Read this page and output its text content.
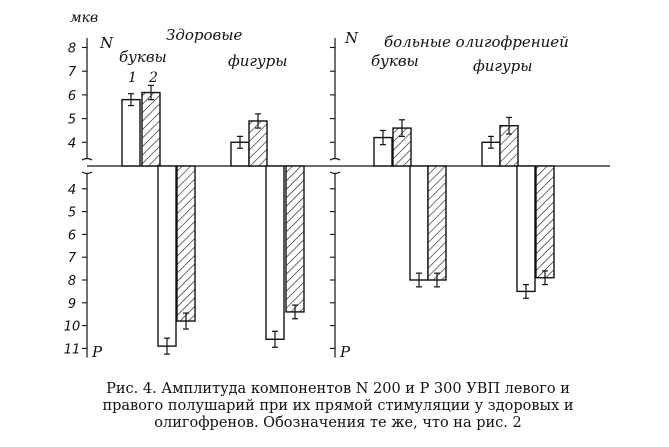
8
7
6
5
4
4
5
6
7
8
9
10
11
мкв
N
P
N
P
Здоровые	больные олигофренией
буквы	фигуры	буквы	фигуры
1 2
Рис. 4. Амплитуда компонентов N 200 и P 300 УВП левого и
правого полушарий при их прямой стимуляции у здоровых и
олигофренов. Обозначения те же, что на рис. 2
